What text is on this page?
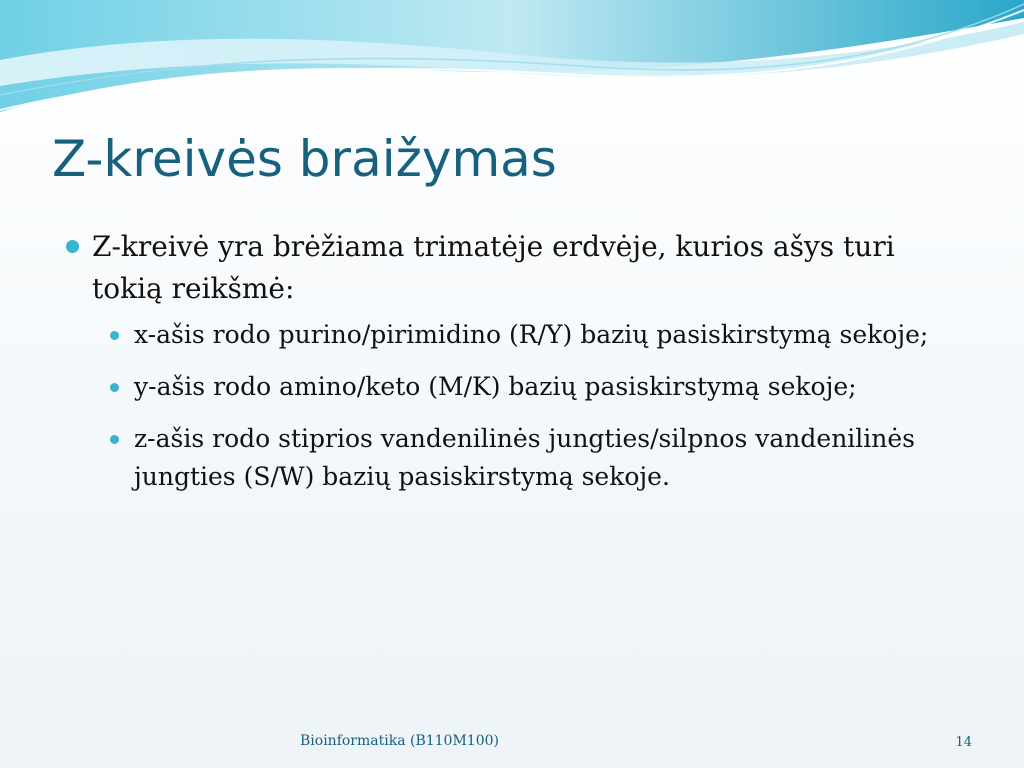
Z-kreivės braižymas
Z-kreivė yra brėžiama trimatėje erdvėje, kurios ašys turi tokią reikšmė:
x-ašis rodo purino/pirimidino (R/Y) bazių pasiskirstymą sekoje;
y-ašis rodo amino/keto (M/K) bazių pasiskirstymą sekoje;
z-ašis rodo stiprios vandenilinės jungties/silpnos vandenilinės jungties (S/W) bazių pasiskirstymą sekoje.
Bioinformatika (B110M100)	14
